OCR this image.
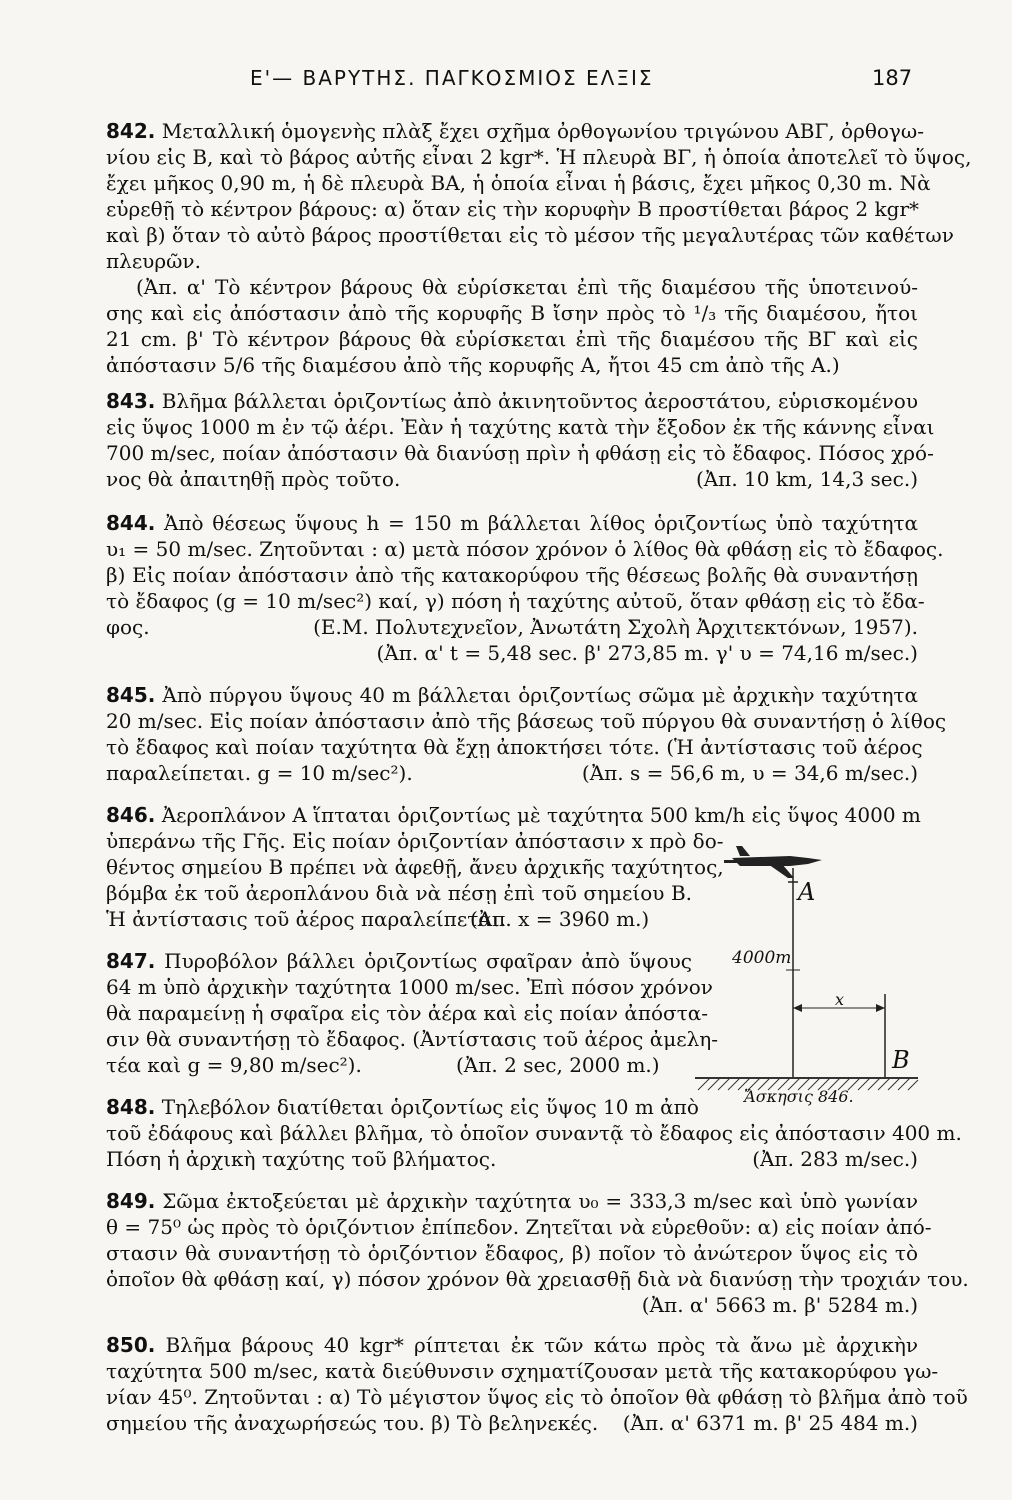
Ε'— ΒΑΡΥΤΗΣ. ΠΑΓΚΟΣΜΙΟΣ ΕΛΞΙΣ	187
842. Μεταλλική ὁμογενὴς πλὰξ ἔχει σχῆμα ὀρθογωνίου τριγώνου ΑΒΓ, ὀρθογω-
νίου εἰς Β, καὶ τὸ βάρος αὐτῆς εἶναι 2 kgr*. Ἡ πλευρὰ ΒΓ, ἡ ὁποία ἀποτελεῖ τὸ ὕψος,
ἔχει μῆκος 0,90 m, ἡ δὲ πλευρὰ ΒΑ, ἡ ὁποία εἶναι ἡ βάσις, ἔχει μῆκος 0,30 m. Νὰ
εὑρεθῇ τὸ κέντρον βάρους: α) ὅταν εἰς τὴν κορυφὴν Β προστίθεται βάρος 2 kgr*
καὶ β) ὅταν τὸ αὐτὸ βάρος προστίθεται εἰς τὸ μέσον τῆς μεγαλυτέρας τῶν καθέτων
πλευρῶν.
(Ἀπ. α' Τὸ κέντρον βάρους θὰ εὑρίσκεται ἐπὶ τῆς διαμέσου τῆς ὑποτεινού-
σης καὶ εἰς ἀπόστασιν ἀπὸ τῆς κορυφῆς Β ἴσην πρὸς τὸ ¹/₃ τῆς διαμέσου, ἤτοι
21 cm. β' Τὸ κέντρον βάρους θὰ εὑρίσκεται ἐπὶ τῆς διαμέσου τῆς ΒΓ καὶ εἰς
ἀπόστασιν 5/6 τῆς διαμέσου ἀπὸ τῆς κορυφῆς Α, ἤτοι 45 cm ἀπὸ τῆς Α.)
843. Βλῆμα βάλλεται ὁριζοντίως ἀπὸ ἀκινητοῦντος ἀεροστάτου, εὑρισκομένου
εἰς ὕψος 1000 m ἐν τῷ ἀέρι. Ἐὰν ἡ ταχύτης κατὰ τὴν ἔξοδον ἐκ τῆς κάννης εἶναι
700 m/sec, ποίαν ἀπόστασιν θὰ διανύσῃ πρὶν ἡ φθάσῃ εἰς τὸ ἔδαφος. Πόσος χρό-
νος θὰ ἀπαιτηθῇ πρὸς τοῦτο.	(Ἀπ. 10 km, 14,3 sec.)
844. Ἀπὸ θέσεως ὕψους h = 150 m βάλλεται λίθος ὁριζοντίως ὑπὸ ταχύτητα
υ₁ = 50 m/sec. Ζητοῦνται : α) μετὰ πόσον χρόνον ὁ λίθος θὰ φθάσῃ εἰς τὸ ἔδαφος.
β) Εἰς ποίαν ἀπόστασιν ἀπὸ τῆς κατακορύφου τῆς θέσεως βολῆς θὰ συναντήσῃ
τὸ ἔδαφος (g = 10 m/sec²) καί, γ) πόση ἡ ταχύτης αὐτοῦ, ὅταν φθάσῃ εἰς τὸ ἔδα-
φος.	(Ε.Μ. Πολυτεχνεῖον, Ἀνωτάτη Σχολὴ Ἀρχιτεκτόνων, 1957).
(Ἀπ. α' t = 5,48 sec. β' 273,85 m. γ' υ = 74,16 m/sec.)
845. Ἀπὸ πύργου ὕψους 40 m βάλλεται ὁριζοντίως σῶμα μὲ ἀρχικὴν ταχύτητα
20 m/sec. Εἰς ποίαν ἀπόστασιν ἀπὸ τῆς βάσεως τοῦ πύργου θὰ συναντήσῃ ὁ λίθος
τὸ ἔδαφος καὶ ποίαν ταχύτητα θὰ ἔχῃ ἀποκτήσει τότε. (Ἡ ἀντίστασις τοῦ ἀέρος
παραλείπεται. g = 10 m/sec²).	(Ἀπ. s = 56,6 m, υ = 34,6 m/sec.)
846. Ἀεροπλάνον Α ἵπταται ὁριζοντίως μὲ ταχύτητα 500 km/h εἰς ὕψος 4000 m
ὑπεράνω τῆς Γῆς. Εἰς ποίαν ὁριζοντίαν ἀπόστασιν x πρὸ δο-
θέντος σημείου Β πρέπει νὰ ἀφεθῇ, ἄνευ ἀρχικῆς ταχύτητος,
βόμβα ἐκ τοῦ ἀεροπλάνου διὰ νὰ πέσῃ ἐπὶ τοῦ σημείου Β.
Ἡ ἀντίστασις τοῦ ἀέρος παραλείπεται.
(Ἀπ. x = 3960 m.)
A
4000m
x
B
Ἄσκησις 846.
847. Πυροβόλον βάλλει ὁριζοντίως σφαῖραν ἀπὸ ὕψους
64 m ὑπὸ ἀρχικὴν ταχύτητα 1000 m/sec. Ἐπὶ πόσον χρόνον
θὰ παραμείνῃ ἡ σφαῖρα εἰς τὸν ἀέρα καὶ εἰς ποίαν ἀπόστα-
σιν θὰ συναντήσῃ τὸ ἔδαφος. (Ἀντίστασις τοῦ ἀέρος ἀμελη-
τέα καὶ g = 9,80 m/sec²).	(Ἀπ. 2 sec, 2000 m.)
848. Τηλεβόλον διατίθεται ὁριζοντίως εἰς ὕψος 10 m ἀπὸ
τοῦ ἐδάφους καὶ βάλλει βλῆμα, τὸ ὁποῖον συναντᾷ τὸ ἔδαφος εἰς ἀπόστασιν 400 m.
Πόση ἡ ἀρχικὴ ταχύτης τοῦ βλήματος.	(Ἀπ. 283 m/sec.)
849. Σῶμα ἐκτοξεύεται μὲ ἀρχικὴν ταχύτητα υ₀ = 333,3 m/sec καὶ ὑπὸ γωνίαν
θ = 75⁰ ὡς πρὸς τὸ ὁριζόντιον ἐπίπεδον. Ζητεῖται νὰ εὑρεθοῦν: α) εἰς ποίαν ἀπό-
στασιν θὰ συναντήσῃ τὸ ὁριζόντιον ἔδαφος, β) ποῖον τὸ ἀνώτερον ὕψος εἰς τὸ
ὁποῖον θὰ φθάσῃ καί, γ) πόσον χρόνον θὰ χρειασθῇ διὰ νὰ διανύσῃ τὴν τροχιάν του.
(Ἀπ. α' 5663 m. β' 5284 m.)
850. Βλῆμα βάρους 40 kgr* ρίπτεται ἐκ τῶν κάτω πρὸς τὰ ἄνω μὲ ἀρχικὴν
ταχύτητα 500 m/sec, κατὰ διεύθυνσιν σχηματίζουσαν μετὰ τῆς κατακορύφου γω-
νίαν 45⁰. Ζητοῦνται : α) Τὸ μέγιστον ὕψος εἰς τὸ ὁποῖον θὰ φθάσῃ τὸ βλῆμα ἀπὸ τοῦ
σημείου τῆς ἀναχωρήσεώς του. β) Τὸ βεληνεκές. (Ἀπ. α' 6371 m. β' 25 484 m.)
